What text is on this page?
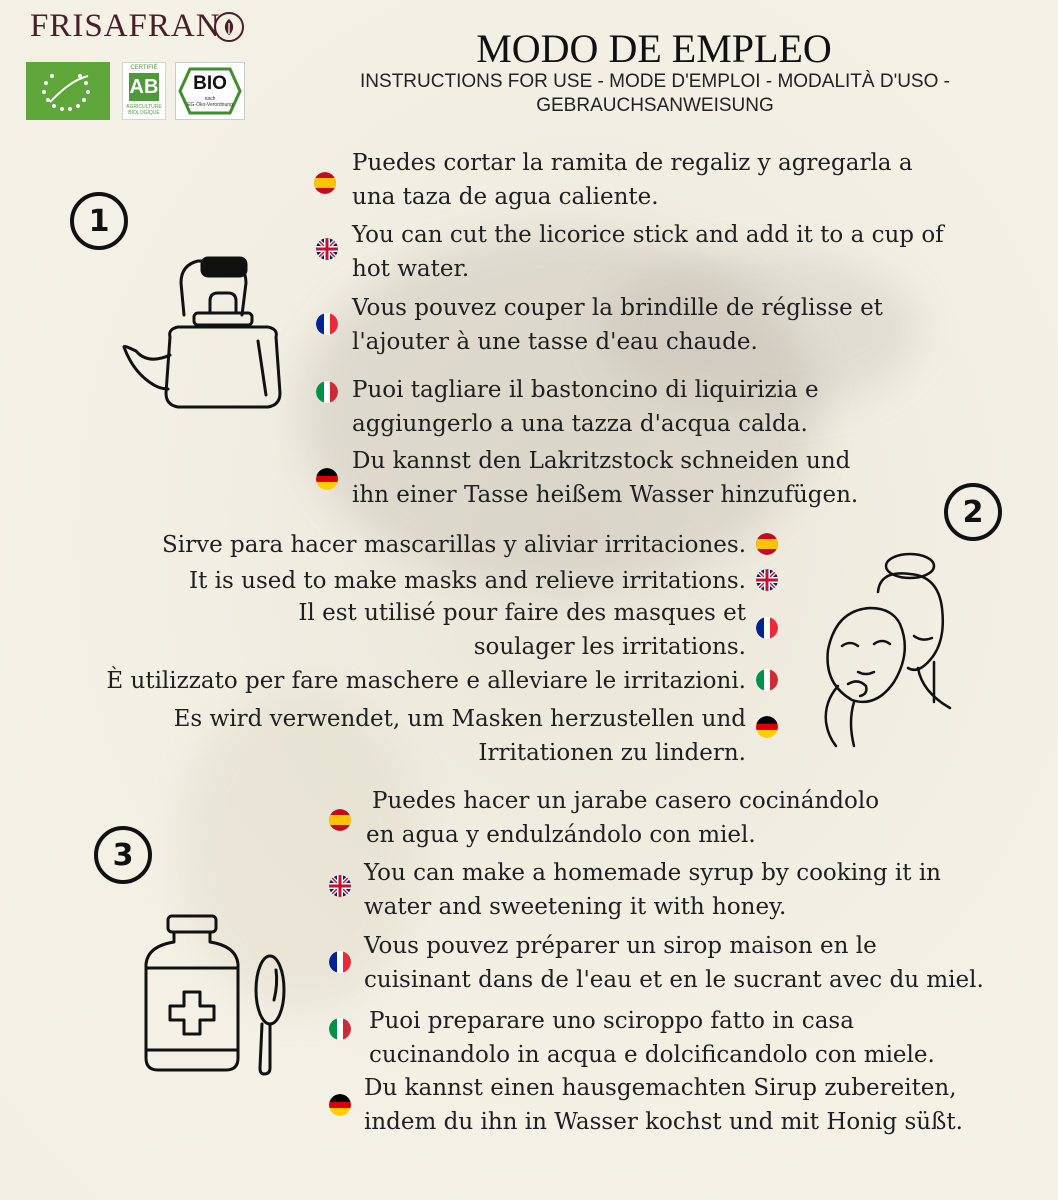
FRISAFRAN
CERTIFIÉ
AB
AGRICULTURE
BIOLOGIQUE
BIO
nach
EG-Öko-Verordnung
MODO DE EMPLEO
INSTRUCTIONS FOR USE - MODE D'EMPLOI - MODALITÀ D'USO -
GEBRAUCHSANWEISUNG
1
2
3
Puedes cortar la ramita de regaliz y agregarla a
una taza de agua caliente.
You can cut the licorice stick and add it to a cup of
hot water.
Vous pouvez couper la brindille de réglisse et
l'ajouter à une tasse d'eau chaude.
Puoi tagliare il bastoncino di liquirizia e
aggiungerlo a una tazza d'acqua calda.
Du kannst den Lakritzstock schneiden und
ihn einer Tasse heißem Wasser hinzufügen.
Sirve para hacer mascarillas y aliviar irritaciones.
It is used to make masks and relieve irritations.
Il est utilisé pour faire des masques et
soulager les irritations.
È utilizzato per fare maschere e alleviare le irritazioni.
Es wird verwendet, um Masken herzustellen und
Irritationen zu lindern.
Puedes hacer un jarabe casero cocinándolo
en agua y endulzándolo con miel.
You can make a homemade syrup by cooking it in
water and sweetening it with honey.
Vous pouvez préparer un sirop maison en le
cuisinant dans de l'eau et en le sucrant avec du miel.
Puoi preparare uno sciroppo fatto in casa
cucinandolo in acqua e dolcificandolo con miele.
Du kannst einen hausgemachten Sirup zubereiten,
indem du ihn in Wasser kochst und mit Honig süßt.
